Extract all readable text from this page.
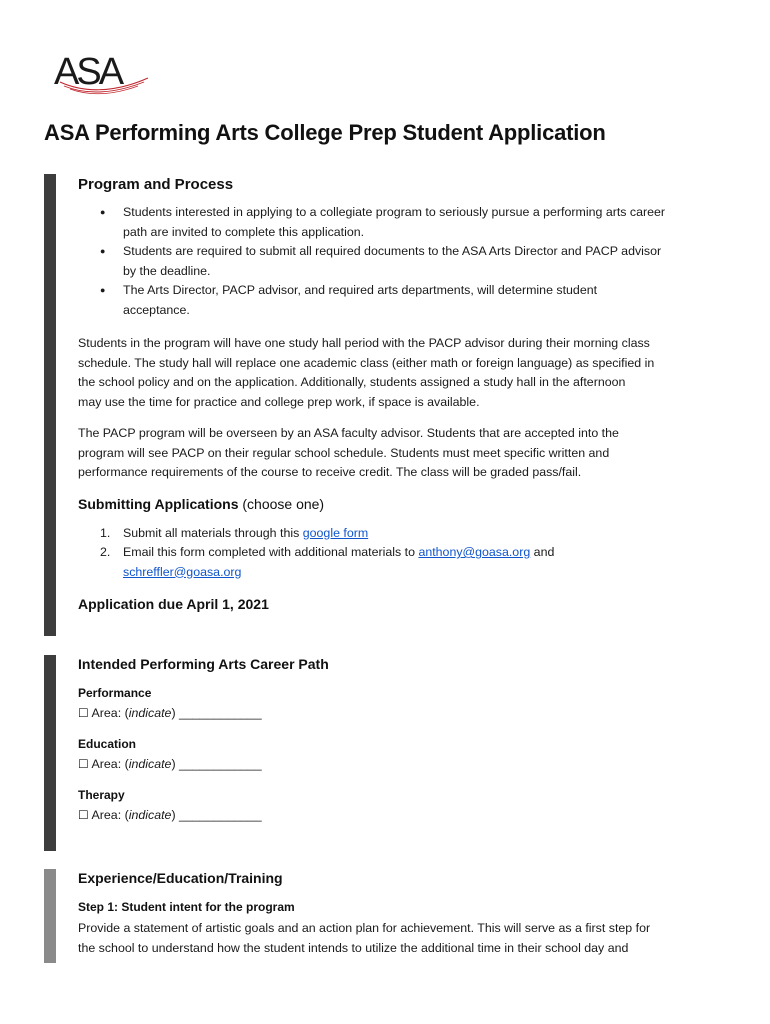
ASA
ASA Performing Arts College Prep Student Application

Program and Process

● Students interested in applying to a collegiate program to seriously pursue a performing arts career
path are invited to complete this application.
● Students are required to submit all required documents to the ASA Arts Director and PACP advisor
by the deadline.
● The Arts Director, PACP advisor, and required arts departments, will determine student
acceptance.

Students in the program will have one study hall period with the PACP advisor during their morning class
schedule. The study hall will replace one academic class (either math or foreign language) as specified in
the school policy and on the application. Additionally, students assigned a study hall in the afternoon
may use the time for practice and college prep work, if space is available.

The PACP program will be overseen by an ASA faculty advisor. Students that are accepted into the
program will see PACP on their regular school schedule. Students must meet specific written and
performance requirements of the course to receive credit. The class will be graded pass/fail.

Submitting Applications (choose one)

1. Submit all materials through this google form
2. Email this form completed with additional materials to anthony@goasa.org and
schreffler@goasa.org

Application due April 1, 2021

Intended Performing Arts Career Path

Performance

☐ Area: (indicate) ____________

Education

☐ Area: (indicate) ____________

Therapy

☐ Area: (indicate) ____________

Experience/Education/Training

Step 1: Student intent for the program

Provide a statement of artistic goals and an action plan for achievement. This will serve as a first step for
the school to understand how the student intends to utilize the additional time in their school day and
